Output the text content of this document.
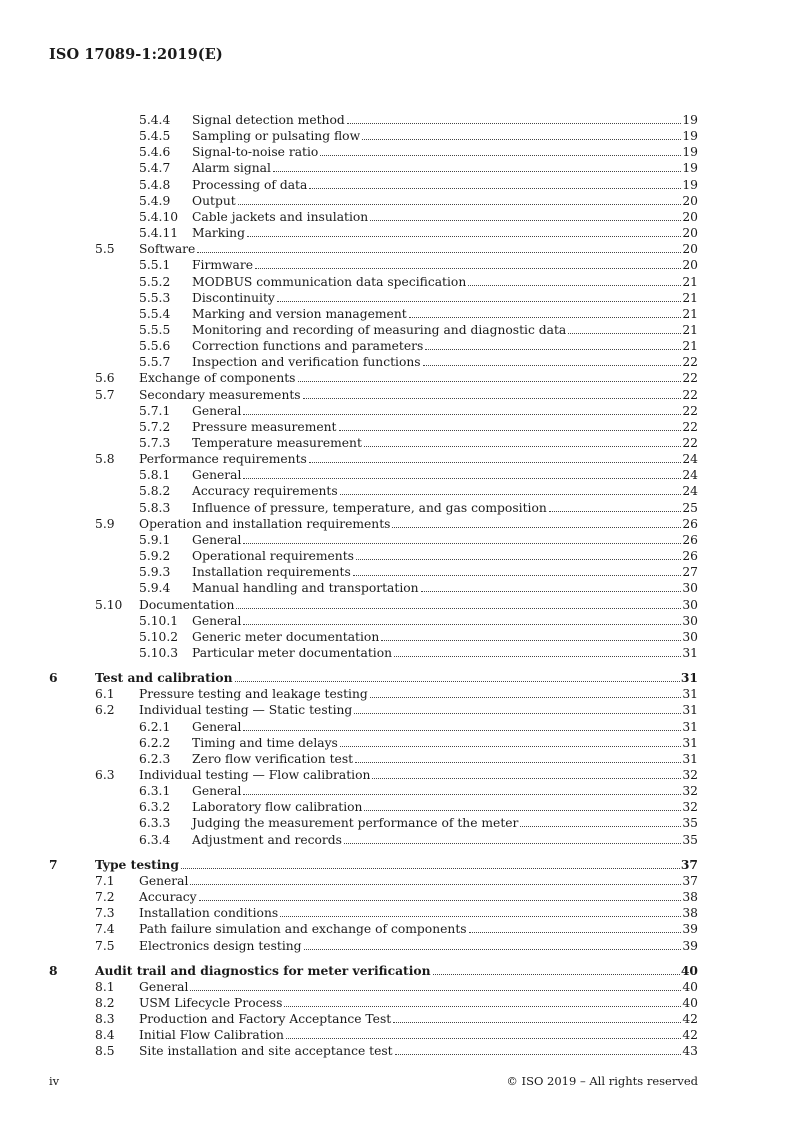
ISO 17089-1:2019(E)
5.4.4 Signal detection method	19
5.4.5 Sampling or pulsating flow	19
5.4.6 Signal-to-noise ratio	19
5.4.7 Alarm signal	19
5.4.8 Processing of data	19
5.4.9 Output	20
5.4.10 Cable jackets and insulation	20
5.4.11 Marking	20
5.5 Software	20
5.5.1 Firmware	20
5.5.2 MODBUS communication data specification	21
5.5.3 Discontinuity	21
5.5.4 Marking and version management	21
5.5.5 Monitoring and recording of measuring and diagnostic data	21
5.5.6 Correction functions and parameters	21
5.5.7 Inspection and verification functions	22
5.6 Exchange of components	22
5.7 Secondary measurements	22
5.7.1 General	22
5.7.2 Pressure measurement	22
5.7.3 Temperature measurement	22
5.8 Performance requirements	24
5.8.1 General	24
5.8.2 Accuracy requirements	24
5.8.3 Influence of pressure, temperature, and gas composition	25
5.9 Operation and installation requirements	26
5.9.1 General	26
5.9.2 Operational requirements	26
5.9.3 Installation requirements	27
5.9.4 Manual handling and transportation	30
5.10 Documentation	30
5.10.1 General	30
5.10.2 Generic meter documentation	30
5.10.3 Particular meter documentation	31
6	Test and calibration	31
6.1 Pressure testing and leakage testing	31
6.2 Individual testing — Static testing	31
6.2.1 General	31
6.2.2 Timing and time delays	31
6.2.3 Zero flow verification test	31
6.3 Individual testing — Flow calibration	32
6.3.1 General	32
6.3.2 Laboratory flow calibration	32
6.3.3 Judging the measurement performance of the meter	35
6.3.4 Adjustment and records	35
7	Type testing	37
7.1 General	37
7.2 Accuracy	38
7.3 Installation conditions	38
7.4 Path failure simulation and exchange of components	39
7.5 Electronics design testing	39
8	Audit trail and diagnostics for meter verification	40
8.1 General	40
8.2 USM Lifecycle Process	40
8.3 Production and Factory Acceptance Test	42
8.4 Initial Flow Calibration	42
8.5 Site installation and site acceptance test	43
iv	© ISO 2019 – All rights reserved
